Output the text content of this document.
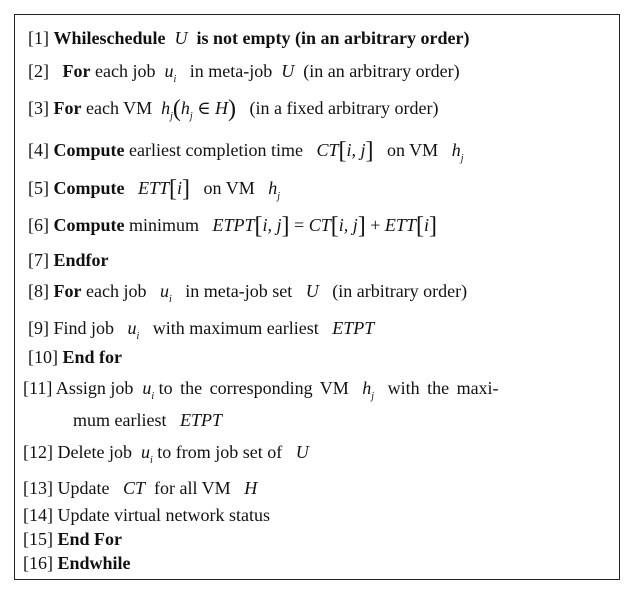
[1] Whileschedule U is not empty (in an arbitrary order)
[2] For each job $u_i$ in meta-job U (in an arbitrary order)
[3] For each VM $h_j(h_j$ ∈ H) (in a fixed arbitrary order)
[4] Compute earliest completion time CT[i, j] on VM $h_j$
[5] Compute ETT[i] on VM $h_j$
[6] Compute minimum ETPT[i, j] = CT[i, j] + ETT[i]
[7] Endfor
[8] For each job $u_i$ in meta-job set U (in arbitrary order)
[9] Find job $u_i$ with maximum earliest ETPT
[10] End for
[11] Assign job $u_i$ to the corresponding VM $h_j$ with the maxi-
mum earliest ETPT
[12] Delete job $u_i$ to from job set of U
[13] Update CT for all VM H
[14] Update virtual network status
[15] End For
[16] Endwhile
